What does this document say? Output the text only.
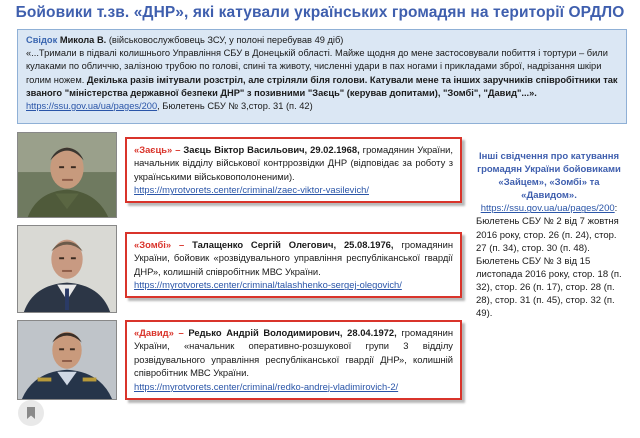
Бойовики т.зв. «ДНР», які катували українських громадян на території ОРДЛО
Свідок Микола В. (військовослужбовець ЗСУ, у полоні перебував 49 діб)
«...Тримали в підвалі колишнього Управління СБУ в Донецькій області. Майже щодня до мене застосовували побиття і тортури – били кулаками по обличчю, залізною трубою по голові, спині та животу, численні удари в пах ногами і прикладами зброї, надрізання шкіри голим ножем. Декілька разів імітували розстріл, але стріляли біля голови. Катували мене та інших заручників співробітники так званого "міністерства державної безпеки ДНР" з позивними "Заєць" (керував допитами), "Зомбі", "Давид"...». https://ssu.gov.ua/ua/pages/200, Бюлетень СБУ № 3,стор. 31 (п. 42)
«Заєць» – Заєць Віктор Васильович, 29.02.1968, громадянин України, начальник відділу військової контррозвідки ДНР (відповідає за роботу з українськими військовополоненими).
https://myrotvorets.center/criminal/zaec-viktor-vasilevich/
«Зомбі» – Талащенко Сергій Олегович, 25.08.1976, громадянин України, бойовик «розвідувального управління республіканської гвардії ДНР», колишній співробітник МВС України.
https://myrotvorets.center/criminal/talashhenko-sergej-olegovich/
«Давид» – Редько Андрій Володимирович, 28.04.1972, громадянин України, «начальник оперативно-розшукової групи 3 відділу розвідувального управління республіканської гвардії ДНР», колишній співробітник МВС України.
https://myrotvorets.center/criminal/redko-andrej-vladimirovich-2/
Інші свідчення про катування громадян України бойовиками «Зайцем», «Зомбі» та «Давидом».
https://ssu.gov.ua/ua/pages/200:
Бюлетень СБУ № 2 від 7 жовтня 2016 року, стор. 26 (п. 24), стор. 27 (п. 34), стор. 30 (п. 48).
Бюлетень СБУ № 3 від 15 листопада 2016 року, стор. 18 (п. 32), стор. 26 (п. 17), стор. 28 (п. 28), стор. 31 (п. 45), стор. 32 (п. 49).
